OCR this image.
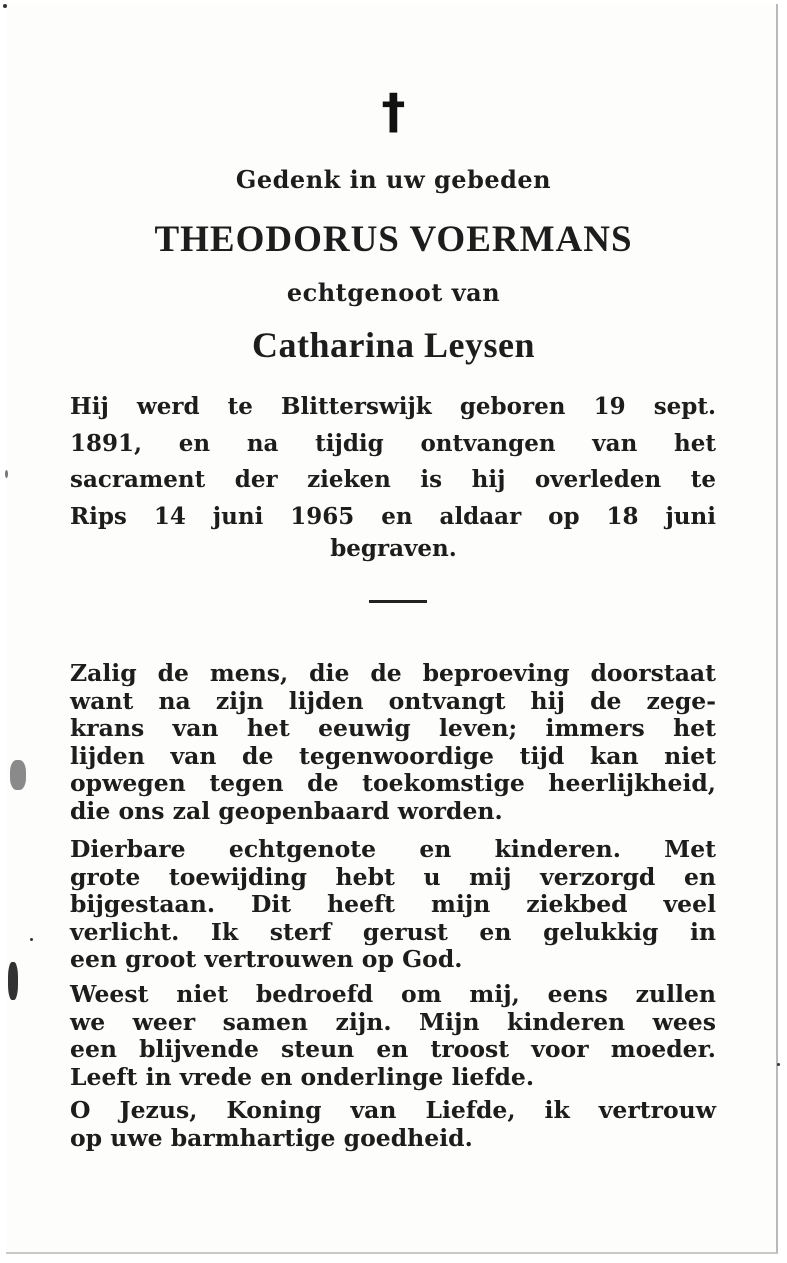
†
Gedenk in uw gebeden
THEODORUS VOERMANS
echtgenoot van
Catharina Leysen
Hij werd te Blitterswijk geboren 19 sept.
1891, en na tijdig ontvangen van het
sacrament der zieken is hij overleden te
Rips 14 juni 1965 en aldaar op 18 juni
begraven.
Zalig de mens, die de beproeving doorstaat
want na zijn lijden ontvangt hij de zege-
krans van het eeuwig leven; immers het
lijden van de tegenwoordige tijd kan niet
opwegen tegen de toekomstige heerlijkheid,
die ons zal geopenbaard worden.
Dierbare echtgenote en kinderen. Met
grote toewijding hebt u mij verzorgd en
bijgestaan. Dit heeft mijn ziekbed veel
verlicht. Ik sterf gerust en gelukkig in
een groot vertrouwen op God.
Weest niet bedroefd om mij, eens zullen
we weer samen zijn. Mijn kinderen wees
een blijvende steun en troost voor moeder.
Leeft in vrede en onderlinge liefde.
O Jezus, Koning van Liefde, ik vertrouw
op uwe barmhartige goedheid.
